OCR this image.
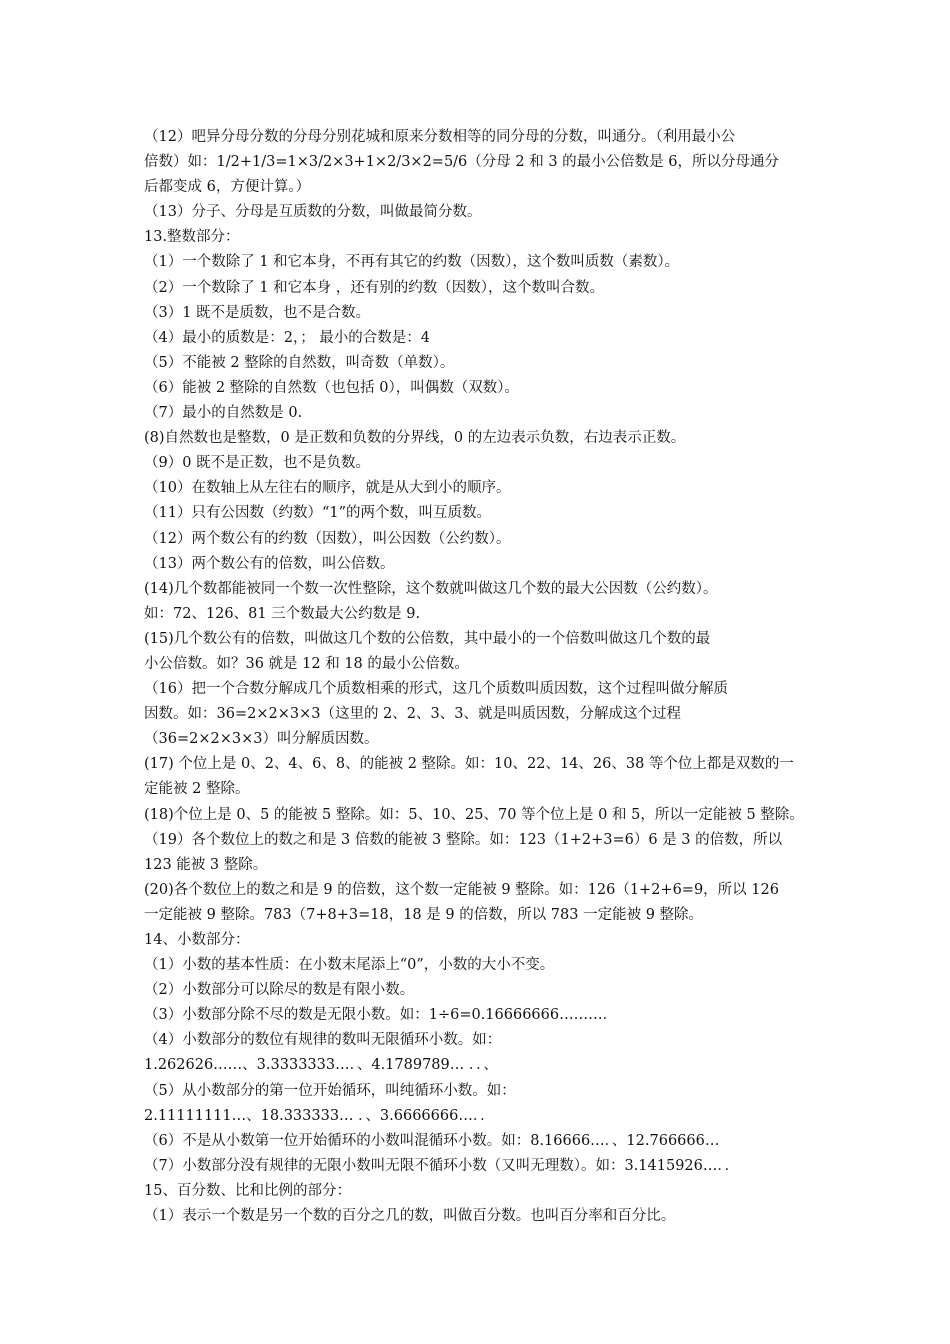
（12）吧异分母分数的分母分别花城和原来分数相等的同分母的分数，叫通分。（利用最小公
倍数）如：1/2+1/3=1×3/2×3+1×2/3×2=5/6（分母 2 和 3 的最小公倍数是 6，所以分母通分
后都变成 6，方便计算。）
（13）分子、分母是互质数的分数，叫做最简分数。
13.整数部分：
（1）一个数除了 1 和它本身，不再有其它的约数（因数），这个数叫质数（素数）。
（2）一个数除了 1 和它本身 ，还有别的约数（因数），这个数叫合数。
（3）1 既不是质数，也不是合数。
（4）最小的质数是：2，； 最小的合数是：4
（5）不能被 2 整除的自然数，叫奇数（单数）。
（6）能被 2 整除的自然数（也包括 0），叫偶数（双数）。
（7）最小的自然数是 0.
(8)自然数也是整数，0 是正数和负数的分界线，0 的左边表示负数，右边表示正数。
（9）0 既不是正数，也不是负数。
（10）在数轴上从左往右的顺序，就是从大到小的顺序。
（11）只有公因数（约数）“1”的两个数，叫互质数。
（12）两个数公有的约数（因数），叫公因数（公约数）。
（13）两个数公有的倍数，叫公倍数。
(14)几个数都能被同一个数一次性整除，这个数就叫做这几个数的最大公因数（公约数）。
如：72、126、81 三个数最大公约数是 9.
(15)几个数公有的倍数，叫做这几个数的公倍数，其中最小的一个倍数叫做这几个数的最
小公倍数。如？36 就是 12 和 18 的最小公倍数。
（16）把一个合数分解成几个质数相乘的形式，这几个质数叫质因数，这个过程叫做分解质
因数。如：36=2×2×3×3（这里的 2、2、3、3、就是叫质因数，分解成这个过程
（36=2×2×3×3）叫分解质因数。
(17) 个位上是 0、2、4、6、8、的能被 2 整除。如：10、22、14、26、38 等个位上都是双数的一
定能被 2 整除。
(18)个位上是 0、5 的能被 5 整除。如：5、10、25、70 等个位上是 0 和 5，所以一定能被 5 整除。
（19）各个数位上的数之和是 3 倍数的能被 3 整除。如：123（1+2+3=6）6 是 3 的倍数，所以
123 能被 3 整除。
(20)各个数位上的数之和是 9 的倍数，这个数一定能被 9 整除。如：126（1+2+6=9，所以 126
一定能被 9 整除。783（7+8+3=18，18 是 9 的倍数，所以 783 一定能被 9 整除。
14、小数部分：
（1）小数的基本性质：在小数末尾添上“0”，小数的大小不变。
（2）小数部分可以除尽的数是有限小数。
（3）小数部分除不尽的数是无限小数。如：1÷6=0.16666666………．
（4）小数部分的数位有规律的数叫无限循环小数。如：
1.262626……、3.3333333…．、4.1789789… ．．、
（5）从小数部分的第一位开始循环，叫纯循环小数。如：
2.11111111…、18.333333… ．、3.6666666…．．
（6）不是从小数第一位开始循环的小数叫混循环小数。如：8.16666…．、12.766666…
（7）小数部分没有规律的无限小数叫无限不循环小数（又叫无理数）。如：3.1415926…．．
15、百分数、比和比例的部分：
（1）表示一个数是另一个数的百分之几的数，叫做百分数。也叫百分率和百分比。
